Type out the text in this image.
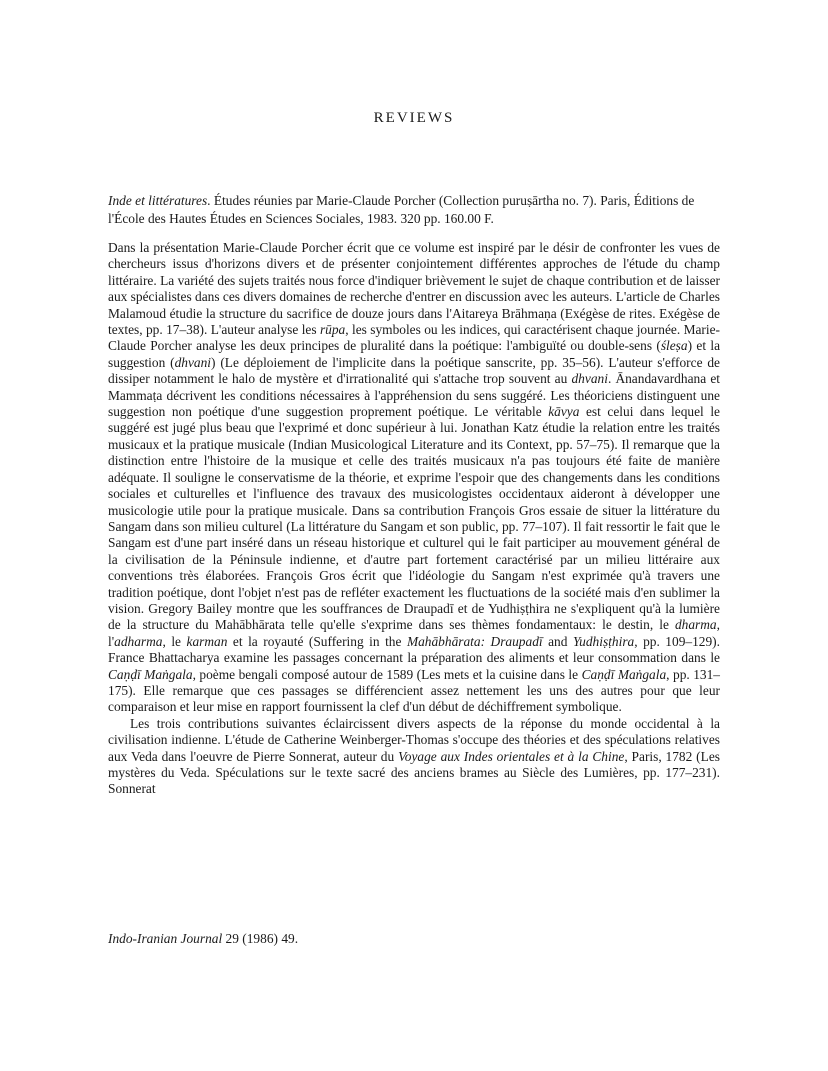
REVIEWS
Inde et littératures. Études réunies par Marie-Claude Porcher (Collection puruṣārtha no. 7). Paris, Éditions de l'École des Hautes Études en Sciences Sociales, 1983. 320 pp. 160.00 F.

Dans la présentation Marie-Claude Porcher écrit que ce volume est inspiré par le désir de confronter les vues de chercheurs issus d'horizons divers et de présenter conjointement différentes approches de l'étude du champ littéraire. La variété des sujets traités nous force d'indiquer brièvement le sujet de chaque contribution et de laisser aux spécialistes dans ces divers domaines de recherche d'entrer en discussion avec les auteurs. L'article de Charles Malamoud étudie la structure du sacrifice de douze jours dans l'Aitareya Brāhmaṇa (Exégèse de rites. Exégèse de textes, pp. 17–38). L'auteur analyse les rūpa, les symboles ou les indices, qui caractérisent chaque journée. Marie-Claude Porcher analyse les deux principes de pluralité dans la poétique: l'ambiguïté ou double-sens (śleṣa) et la suggestion (dhvani) (Le déploiement de l'implicite dans la poétique sanscrite, pp. 35–56). L'auteur s'efforce de dissiper notamment le halo de mystère et d'irrationalité qui s'attache trop souvent au dhvani. Ānandavardhana et Mammaṭa décrivent les conditions nécessaires à l'appréhension du sens suggéré. Les théoriciens distinguent une suggestion non poétique d'une suggestion proprement poétique. Le véritable kāvya est celui dans lequel le suggéré est jugé plus beau que l'exprimé et donc supérieur à lui. Jonathan Katz étudie la relation entre les traités musicaux et la pratique musicale (Indian Musicological Literature and its Context, pp. 57–75). Il remarque que la distinction entre l'histoire de la musique et celle des traités musicaux n'a pas toujours été faite de manière adéquate. Il souligne le conservatisme de la théorie, et exprime l'espoir que des changements dans les conditions sociales et culturelles et l'influence des travaux des musicologistes occidentaux aideront à développer une musicologie utile pour la pratique musicale. Dans sa contribution François Gros essaie de situer la littérature du Sangam dans son milieu culturel (La littérature du Sangam et son public, pp. 77–107). Il fait ressortir le fait que le Sangam est d'une part inséré dans un réseau historique et culturel qui le fait participer au mouvement général de la civilisation de la Péninsule indienne, et d'autre part fortement caractérisé par un milieu littéraire aux conventions très élaborées. François Gros écrit que l'idéologie du Sangam n'est exprimée qu'à travers une tradition poétique, dont l'objet n'est pas de refléter exactement les fluctuations de la société mais d'en sublimer la vision. Gregory Bailey montre que les souffrances de Draupadī et de Yudhiṣṭhira ne s'expliquent qu'à la lumière de la structure du Mahābhārata telle qu'elle s'exprime dans ses thèmes fondamentaux: le destin, le dharma, l'adharma, le karman et la royauté (Suffering in the Mahābhārata: Draupadī and Yudhiṣṭhira, pp. 109–129). France Bhattacharya examine les passages concernant la préparation des aliments et leur consommation dans le Caṇḍī Maṅgala, poème bengali composé autour de 1589 (Les mets et la cuisine dans le Caṇḍī Maṅgala, pp. 131–175). Elle remarque que ces passages se différencient assez nettement les uns des autres pour que leur comparaison et leur mise en rapport fournissent la clef d'un début de déchiffrement symbolique.

Les trois contributions suivantes éclaircissent divers aspects de la réponse du monde occidental à la civilisation indienne. L'étude de Catherine Weinberger-Thomas s'occupe des théories et des spéculations relatives aux Veda dans l'oeuvre de Pierre Sonnerat, auteur du Voyage aux Indes orientales et à la Chine, Paris, 1782 (Les mystères du Veda. Spéculations sur le texte sacré des anciens brames au Siècle des Lumières, pp. 177–231). Sonnerat

Indo-Iranian Journal 29 (1986) 49.
